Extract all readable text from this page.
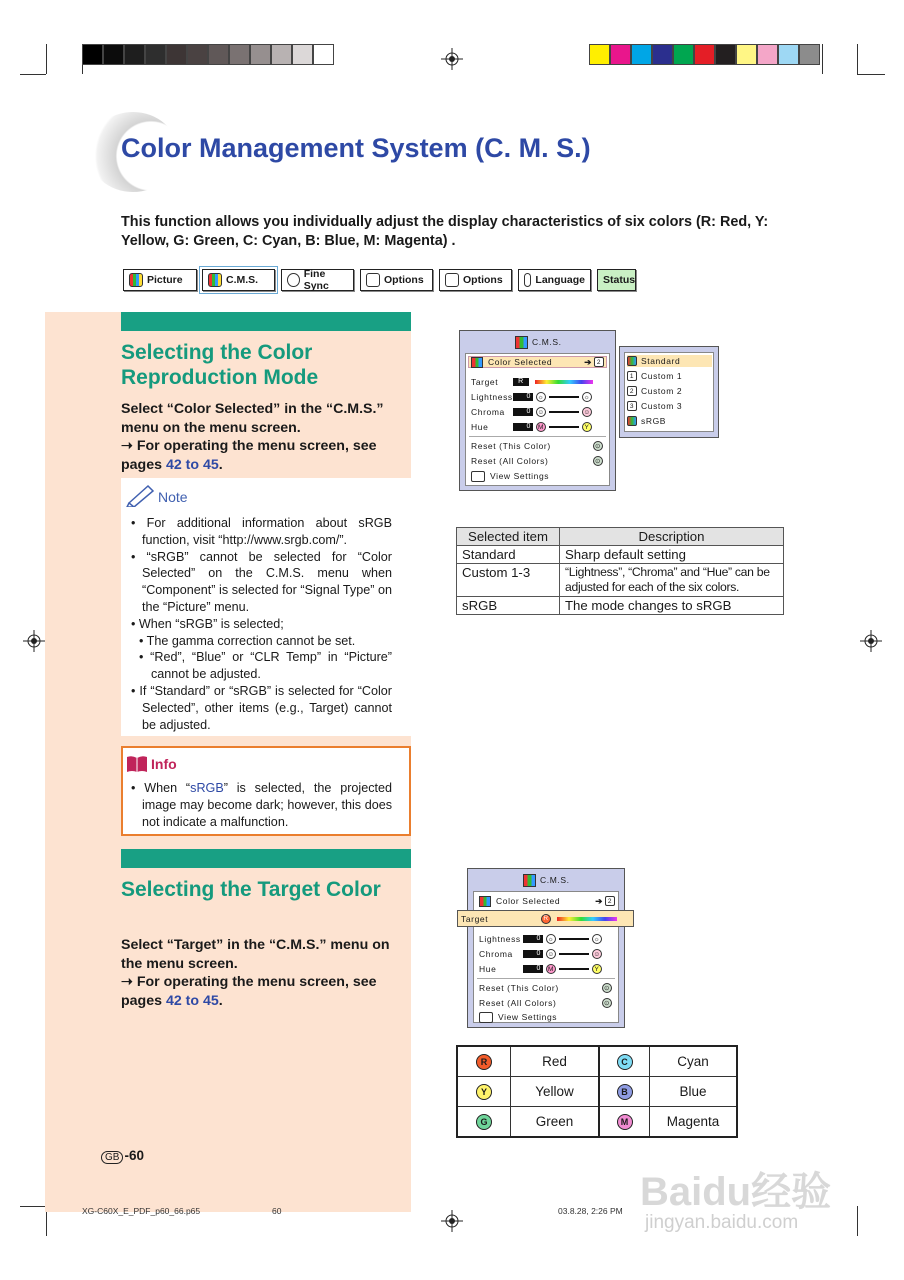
Color Management System (C. M. S.)
This function allows you individually adjust the display characteristics of six colors (R: Red, Y: Yellow, G: Green, C: Cyan, B: Blue, M: Magenta) .
Picture	C.M.S.	Fine Sync	Options	Options	Language Status
Selecting the Color Reproduction Mode
Select “Color Selected” in the “C.M.S.” menu on the menu screen.
➝ For operating the menu screen, see pages 42 to 45.
Note

• For additional information about sRGB function, visit “http://www.srgb.com/”.

• “sRGB” cannot be selected for “Color Selected” on the C.M.S. menu when “Component” is selected for “Signal Type” on the “Picture” menu.

• When “sRGB” is selected;

• The gamma correction cannot be set.

• “Red”, “Blue” or “CLR Temp” in “Picture” cannot be adjusted.

• If “Standard” or “sRGB” is selected for “Color Selected”, other items (e.g., Target) cannot be adjusted.

Info
• When “sRGB” is selected, the projected image may become dark; however, this does not indicate a malfunction.
Selecting the Target Color
Select “Target” in the “C.M.S.” menu on the menu screen.
➝ For operating the menu screen, see pages 42 to 45.
C.M.S.
Color Selected	➔ 2
Target	R
Lightness	0	☼	☼
Chroma	0 ☺	☺
Hue	0	M	Y
Reset (This Color)	⊙
Reset (All Colors)	⊙
View Settings
Standard
1 Custom 1
2 Custom 2
3 Custom 3
sRGB
Selected item	Description
Standard	Sharp default setting
Custom 1-3	“Lightness”, “Chroma” and “Hue” can be adjusted for each of the six colors.
sRGB	The mode changes to sRGB
C.M.S.
Color Selected	➔ 2
Lightness	0	☼	☼
Chroma	0 ☺	☺
Hue	0	M	Y
Reset (This Color)	⊙
Reset (All Colors)	⊙
View Settings
Target	R
R	Red	C	Cyan
Y	Yellow	B	Blue
G	Green	M	Magenta
GB -60
XG-C60X_E_PDF_p60_66.p65	60	03.8.28, 2:26 PM Baidu经验
jingyan.baidu.com
